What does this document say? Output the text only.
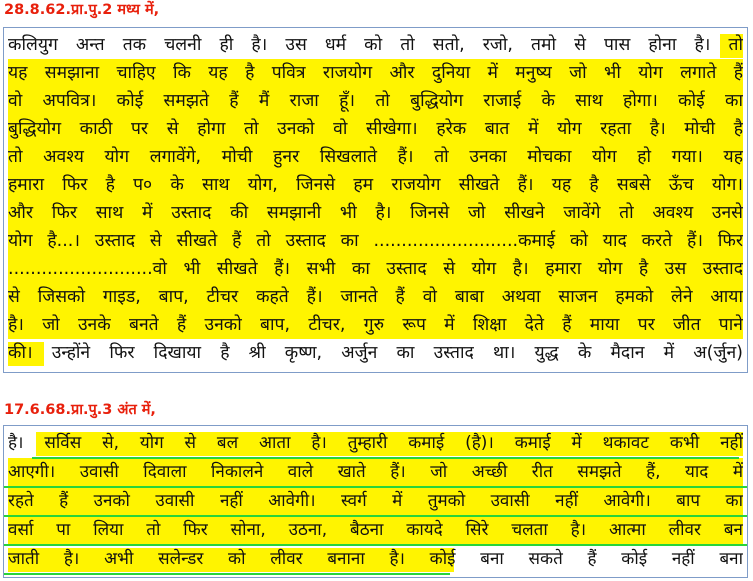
28.8.62.प्रा.पु.2 मध्य में,
कलियुग अन्त तक चलनी ही है। उस धर्म को तो सतो, रजो, तमो से पास होना है। तो
यह समझाना चाहिए कि यह है पवित्र राजयोग और दुनिया में मनुष्य जो भी योग लगाते हैं
वो अपवित्र। कोई समझते हैं मैं राजा हूँ। तो बुद्धियोग राजाई के साथ होगा। कोई का
बुद्धियोग काठी पर से होगा तो उनको वो सीखेगा। हरेक बात में योग रहता है। मोची है
तो अवश्य योग लगावेंगे, मोची हुनर सिखलाते हैं। तो उनका मोचका योग हो गया। यह
हमारा फिर है प० के साथ योग, जिनसे हम राजयोग सीखते हैं। यह है सबसे ऊँच योग।
और फिर साथ में उस्ताद की समझानी भी है। जिनसे जो सीखने जावेंगे तो अवश्य उनसे
योग है...। उस्ताद से सीखते हैं तो उस्ताद का ..........................कमाई को याद करते हैं। फिर
..........................वो भी सीखते हैं। सभी का उस्ताद से योग है। हमारा योग है उस उस्ताद
से जिसको गाइड, बाप, टीचर कहते हैं। जानते हैं वो बाबा अथवा साजन हमको लेने आया
है। जो उनके बनते हैं उनको बाप, टीचर, गुरु रूप में शिक्षा देते हैं माया पर जीत पाने
की। उन्होंने फिर दिखाया है श्री कृष्ण, अर्जुन का उस्ताद था। युद्ध के मैदान में अ(र्जुन)
17.6.68.प्रा.पु.3 अंत में,
है। सर्विस से, योग से बल आता है। तुम्हारी कमाई (है)। कमाई में थकावट कभी नहीं
आएगी। उवासी दिवाला निकालने वाले खाते हैं। जो अच्छी रीत समझते हैं, याद में
रहते हैं उनको उवासी नहीं आवेगी। स्वर्ग में तुमको उवासी नहीं आवेगी। बाप का
वर्सा पा लिया तो फिर सोना, उठना, बैठना कायदे सिरे चलता है। आत्मा लीवर बन
जाती है। अभी सलेन्डर को लीवर बनाना है। कोई बना सकते हैं कोई नहीं बना
